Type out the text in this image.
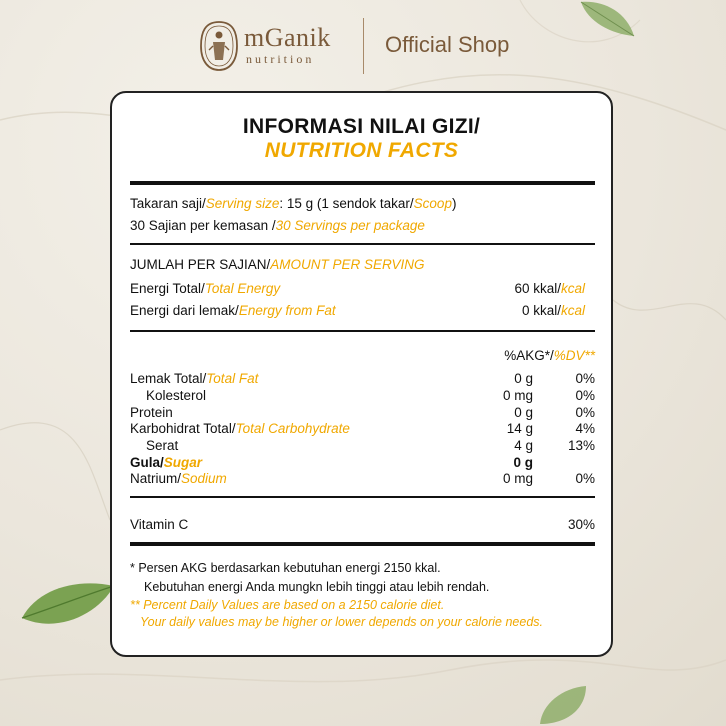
mGanik
nutrition
Official Shop
INFORMASI NILAI GIZI/
NUTRITION FACTS
Takaran saji/Serving size: 15 g (1 sendok takar/Scoop)
30 Sajian per kemasan /30 Servings per package
JUMLAH PER SAJIAN/AMOUNT PER SERVING
Energi Total/Total Energy	60 kkal/kcal
Energi dari lemak/Energy from Fat	0 kkal/kcal
%AKG*/%DV**
Lemak Total/Total Fat	0 g	0%
Kolesterol	0 mg	0%
Protein	0 g	0%
Karbohidrat Total/Total Carbohydrate	14 g	4%
Serat	4 g	13%
Gula/Sugar	0 g
Natrium/Sodium	0 mg	0%
Vitamin C	30%
* Persen AKG berdasarkan kebutuhan energi 2150 kkal.
Kebutuhan energi Anda mungkn lebih tinggi atau lebih rendah.
** Percent Daily Values are based on a 2150 calorie diet.
Your daily values may be higher or lower depends on your calorie needs.
